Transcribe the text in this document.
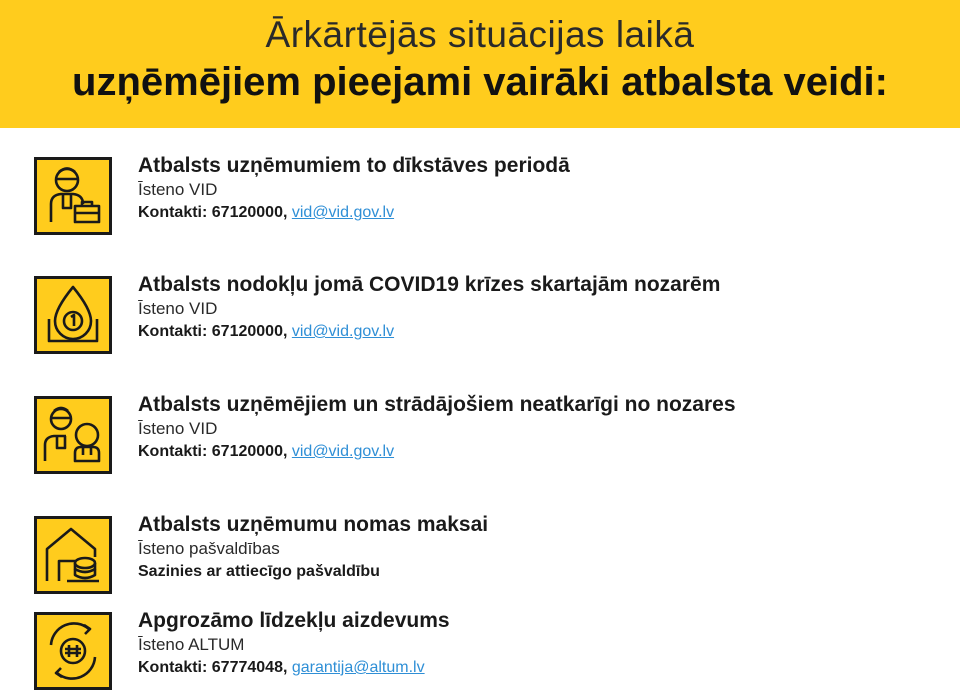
Ārkārtējās situācijas laikā
uzņēmējiem pieejami vairāki atbalsta veidi:
Atbalsts uzņēmumiem to dīkstāves periodā
Īsteno VID
Kontakti: 67120000, vid@vid.gov.lv
Atbalsts nodokļu jomā COVID19 krīzes skartajām nozarēm
Īsteno VID
Kontakti: 67120000, vid@vid.gov.lv
Atbalsts uzņēmējiem un strādājošiem neatkarīgi no nozares
Īsteno VID
Kontakti: 67120000, vid@vid.gov.lv
Atbalsts uzņēmumu nomas maksai
Īsteno pašvaldības
Sazinies ar attiecīgo pašvaldību
Apgrozāmo līdzekļu aizdevums
Īsteno ALTUM
Kontakti: 67774048, garantija@altum.lv
